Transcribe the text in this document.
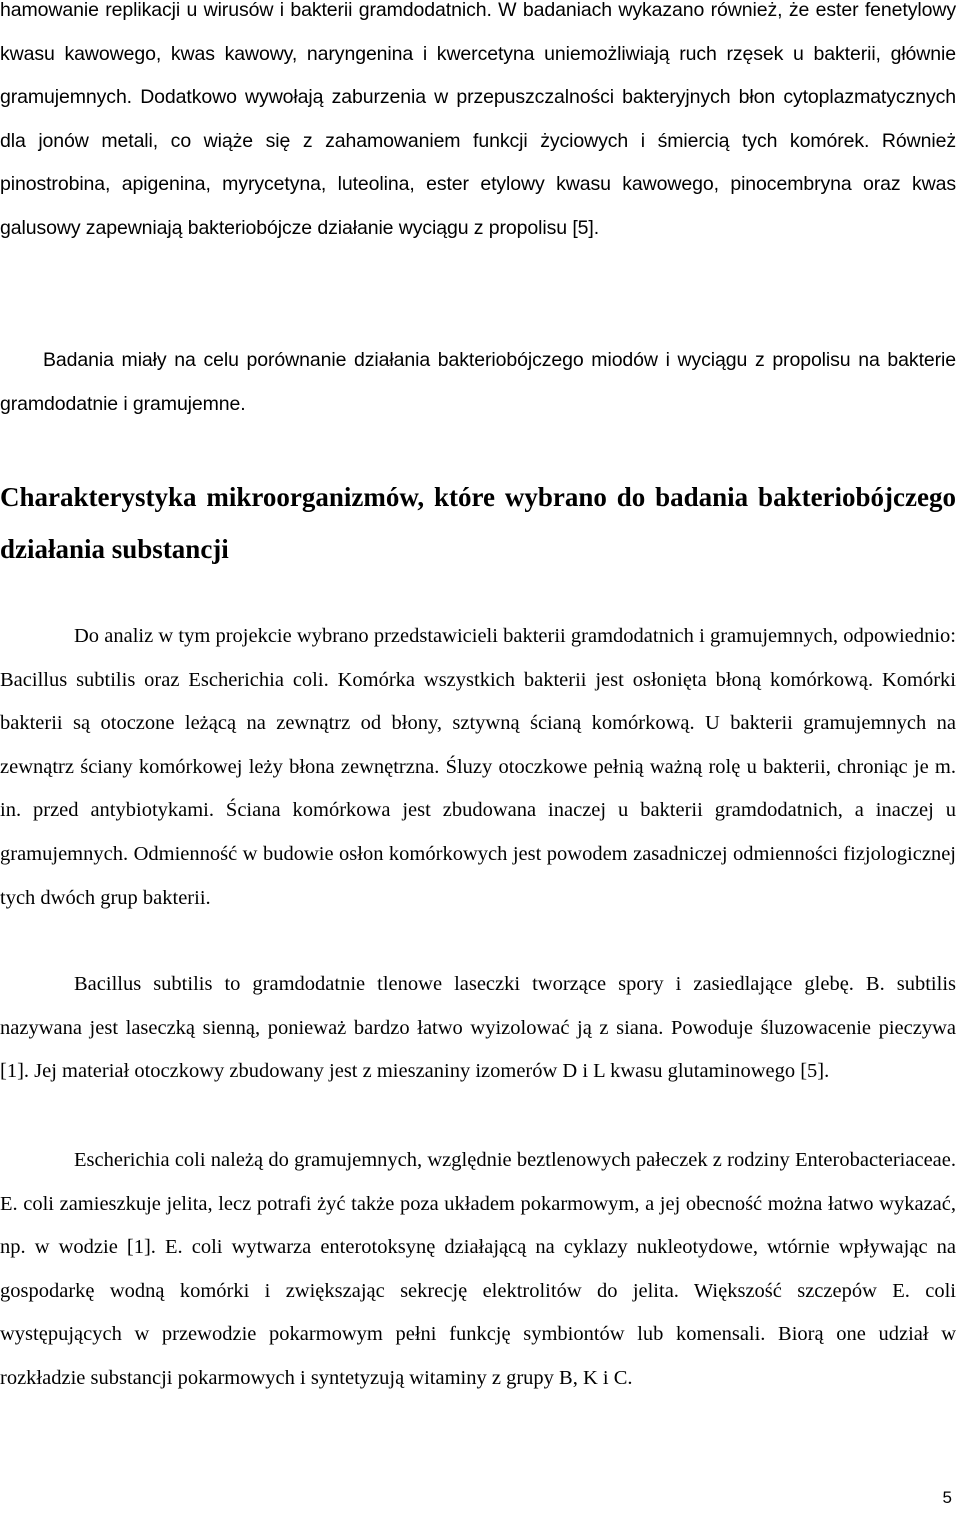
hamowanie replikacji u wirusów i bakterii gramdodatnich. W badaniach wykazano również, że ester fenetylowy kwasu kawowego, kwas kawowy, naryngenina i kwercetyna uniemożliwiają ruch rzęsek u bakterii, głównie gramujemnych. Dodatkowo wywołają zaburzenia w przepuszczalności bakteryjnych błon cytoplazmatycznych dla jonów metali, co wiąże się z zahamowaniem funkcji życiowych i śmiercią tych komórek. Również pinostrobina, apigenina, myrycetyna, luteolina, ester etylowy kwasu kawowego, pinocembryna oraz kwas galusowy zapewniają bakteriobójcze działanie wyciągu z propolisu [5].

Badania miały na celu porównanie działania bakteriobójczego miodów i wyciągu z propolisu na bakterie gramdodatnie i gramujemne.

Charakterystyka mikroorganizmów, które wybrano do badania bakteriobójczego działania substancji

Do analiz w tym projekcie wybrano przedstawicieli bakterii gramdodatnich i gramujemnych, odpowiednio: Bacillus subtilis oraz Escherichia coli. Komórka wszystkich bakterii jest osłonięta błoną komórkową. Komórki bakterii są otoczone leżącą na zewnątrz od błony, sztywną ścianą komórkową. U bakterii gramujemnych na zewnątrz ściany komórkowej leży błona zewnętrzna. Śluzy otoczkowe pełnią ważną rolę u bakterii, chroniąc je m. in. przed antybiotykami. Ściana komórkowa jest zbudowana inaczej u bakterii gramdodatnich, a inaczej u gramujemnych. Odmienność w budowie osłon komórkowych jest powodem zasadniczej odmienności fizjologicznej tych dwóch grup bakterii.

Bacillus subtilis to gramdodatnie tlenowe laseczki tworzące spory i zasiedlające glebę. B. subtilis nazywana jest laseczką sienną, ponieważ bardzo łatwo wyizolować ją z siana. Powoduje śluzowacenie pieczywa [1]. Jej materiał otoczkowy zbudowany jest z mieszaniny izomerów D i L kwasu glutaminowego [5].

Escherichia coli należą do gramujemnych, względnie beztlenowych pałeczek z rodziny Enterobacteriaceae. E. coli zamieszkuje jelita, lecz potrafi żyć także poza układem pokarmowym, a jej obecność można łatwo wykazać, np. w wodzie [1]. E. coli wytwarza enterotoksynę działającą na cyklazy nukleotydowe, wtórnie wpływając na gospodarkę wodną komórki i zwiększając sekrecję elektrolitów do jelita. Większość szczepów E. coli występujących w przewodzie pokarmowym pełni funkcję symbiontów lub komensali. Biorą one udział w rozkładzie substancji pokarmowych i syntetyzują witaminy z grupy B, K i C.

5
